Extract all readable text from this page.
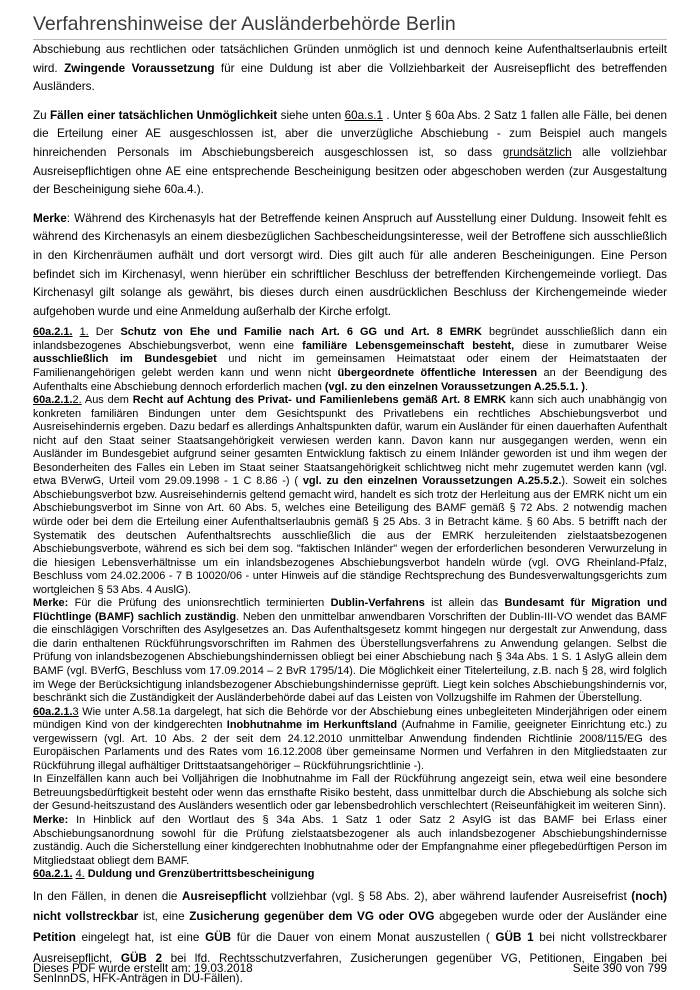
Verfahrenshinweise der Ausländerbehörde Berlin

Abschiebung aus rechtlichen oder tatsächlichen Gründen unmöglich ist und dennoch keine Aufenthaltserlaubnis erteilt wird. Zwingende Voraussetzung für eine Duldung ist aber die Vollziehbarkeit der Ausreisepflicht des betreffenden Ausländers.

Zu Fällen einer tatsächlichen Unmöglichkeit siehe unten 60a.s.1 . Unter § 60a Abs. 2 Satz 1 fallen alle Fälle, bei denen die Erteilung einer AE ausgeschlossen ist, aber die unverzügliche Abschiebung - zum Beispiel auch mangels hinreichenden Personals im Abschiebungsbereich ausgeschlossen ist, so dass grundsätzlich alle vollziehbar Ausreisepflichtigen ohne AE eine entsprechende Bescheinigung besitzen oder abgeschoben werden (zur Ausgestaltung der Bescheinigung siehe 60a.4.).

Merke: Während des Kirchenasyls hat der Betreffende keinen Anspruch auf Ausstellung einer Duldung. Insoweit fehlt es während des Kirchenasyls an einem diesbezüglichen Sachbescheidungsinteresse, weil der Betroffene sich ausschließlich in den Kirchenräumen aufhält und dort versorgt wird. Dies gilt auch für alle anderen Bescheinigungen. Eine Person befindet sich im Kirchenasyl, wenn hierüber ein schriftlicher Beschluss der betreffenden Kirchengemeinde vorliegt. Das Kirchenasyl gilt solange als gewährt, bis dieses durch einen ausdrücklichen Beschluss der Kirchengemeinde wieder aufgehoben wurde und eine Anmeldung außerhalb der Kirche erfolgt.

60a.2.1. 1. Der Schutz von Ehe und Familie nach Art. 6 GG und Art. 8 EMRK begründet ausschließlich dann ein inlandsbezogenes Abschiebungsverbot, wenn eine familiäre Lebensgemeinschaft besteht, diese in zumutbarer Weise ausschließlich im Bundesgebiet und nicht im gemeinsamen Heimatstaat oder einem der Heimatstaaten der Familienangehörigen gelebt werden kann und wenn nicht übergeordnete öffentliche Interessen an der Beendigung des Aufenthalts eine Abschiebung dennoch erforderlich machen (vgl. zu den einzelnen Voraussetzungen A.25.5.1. ).

60a.2.1.2. Aus dem Recht auf Achtung des Privat- und Familienlebens gemäß Art. 8 EMRK kann sich auch unabhängig von konkreten familiären Bindungen unter dem Gesichtspunkt des Privatlebens ein rechtliches Abschiebungsverbot und Ausreisehindernis ergeben. Dazu bedarf es allerdings Anhaltspunkten dafür, warum ein Ausländer für einen dauerhaften Aufenthalt nicht auf den Staat seiner Staatsangehörigkeit verwiesen werden kann. Davon kann nur ausgegangen werden, wenn ein Ausländer im Bundesgebiet aufgrund seiner gesamten Entwicklung faktisch zu einem Inländer geworden ist und ihm wegen der Besonderheiten des Falles ein Leben im Staat seiner Staatsangehörigkeit schlichtweg nicht mehr zugemutet werden kann (vgl. etwa BVerwG, Urteil vom 29.09.1998 - 1 C 8.86 -) ( vgl. zu den einzelnen Voraussetzungen A.25.5.2.). Soweit ein solches Abschiebungsverbot bzw. Ausreisehindernis geltend gemacht wird, handelt es sich trotz der Herleitung aus der EMRK nicht um ein Abschiebungsverbot im Sinne von Art. 60 Abs. 5, welches eine Beteiligung des BAMF gemäß § 72 Abs. 2 notwendig machen würde oder bei dem die Erteilung einer Aufenthaltserlaubnis gemäß § 25 Abs. 3 in Betracht käme. § 60 Abs. 5 betrifft nach der Systematik des deutschen Aufenthaltsrechts ausschließlich die aus der EMRK herzuleitenden zielstaatsbezogenen Abschiebungsverbote, während es sich bei dem sog. "faktischen Inländer" wegen der erforderlichen besonderen Verwurzelung in die hiesigen Lebensverhältnisse um ein inlandsbezogenes Abschiebungsverbot handeln würde (vgl. OVG Rheinland-Pfalz, Beschluss vom 24.02.2006 - 7 B 10020/06 - unter Hinweis auf die ständige Rechtsprechung des Bundesverwaltungsgerichts zum wortgleichen § 53 Abs. 4 AuslG).

Merke: Für die Prüfung des unionsrechtlich terminierten Dublin-Verfahrens ist allein das Bundesamt für Migration und Flüchtlinge (BAMF) sachlich zuständig. Neben den unmittelbar anwendbaren Vorschriften der Dublin-III-VO wendet das BAMF die einschlägigen Vorschriften des Asylgesetzes an. Das Aufenthaltsgesetz kommt hingegen nur dergestalt zur Anwendung, dass die darin enthaltenen Rückführungsvorschriften im Rahmen des Überstellungsverfahrens zu Anwendung gelangen. Selbst die Prüfung von inlandsbezogenen Abschiebungshindernissen obliegt bei einer Abschiebung nach § 34a Abs. 1 S. 1 AslyG allein dem BAMF (vgl. BVerfG, Beschluss vom 17.09.2014 – 2 BvR 1795/14). Die Möglichkeit einer Titelerteilung, z.B. nach § 28, wird folglich im Wege der Berücksichtigung inlandsbezogener Abschiebungshindernisse geprüft. Liegt kein solches Abschiebungshindernis vor, beschränkt sich die Zuständigkeit der Ausländerbehörde dabei auf das Leisten von Vollzugshilfe im Rahmen der Überstellung.

60a.2.1.3 Wie unter A.58.1a dargelegt, hat sich die Behörde vor der Abschiebung eines unbegleiteten Minderjährigen oder einem mündigen Kind von der kindgerechten Inobhutnahme im Herkunftsland (Aufnahme in Familie, geeigneter Einrichtung etc.) zu vergewissern (vgl. Art. 10 Abs. 2 der seit dem 24.12.2010 unmittelbar Anwendung findenden Richtlinie 2008/115/EG des Europäischen Parlaments und des Rates vom 16.12.2008 über gemeinsame Normen und Verfahren in den Mitgliedstaaten zur Rückführung illegal aufhältiger Drittstaatsangehöriger – Rückführungsrichtlinie -).

In Einzelfällen kann auch bei Volljährigen die Inobhutnahme im Fall der Rückführung angezeigt sein, etwa weil eine besondere Betreuungsbedürftigkeit besteht oder wenn das ernsthafte Risiko besteht, dass unmittelbar durch die Abschiebung als solche sich der Gesund-heitszustand des Ausländers wesentlich oder gar lebensbedrohlich verschlechtert (Reiseunfähigkeit im weiteren Sinn).

Merke: In Hinblick auf den Wortlaut des § 34a Abs. 1 Satz 1 oder Satz 2 AsylG ist das BAMF bei Erlass einer Abschiebungsanordnung sowohl für die Prüfung zielstaatsbezogener als auch inlandsbezogener Abschiebungshindernisse zuständig. Auch die Sicherstellung einer kindgerechten Inobhutnahme oder der Empfangnahme einer pflegebedürftigen Person im Mitgliedstaat obliegt dem BAMF.

60a.2.1. 4. Duldung und Grenzübertrittsbescheinigung

In den Fällen, in denen die Ausreisepflicht vollziehbar (vgl. § 58 Abs. 2), aber während laufender Ausreisefrist (noch) nicht vollstreckbar ist, eine Zusicherung gegenüber dem VG oder OVG abgegeben wurde oder der Ausländer eine Petition eingelegt hat, ist eine GÜB für die Dauer von einem Monat auszustellen ( GÜB 1 bei nicht vollstreckbarer Ausreisepflicht, GÜB 2 bei lfd. Rechtsschutzverfahren, Zusicherungen gegenüber VG, Petitionen, Eingaben bei SenInnDS, HFK-Anträgen in DÜ-Fällen).

Dieses PDF wurde erstellt am: 19.03.2018	Seite 390 von 799
